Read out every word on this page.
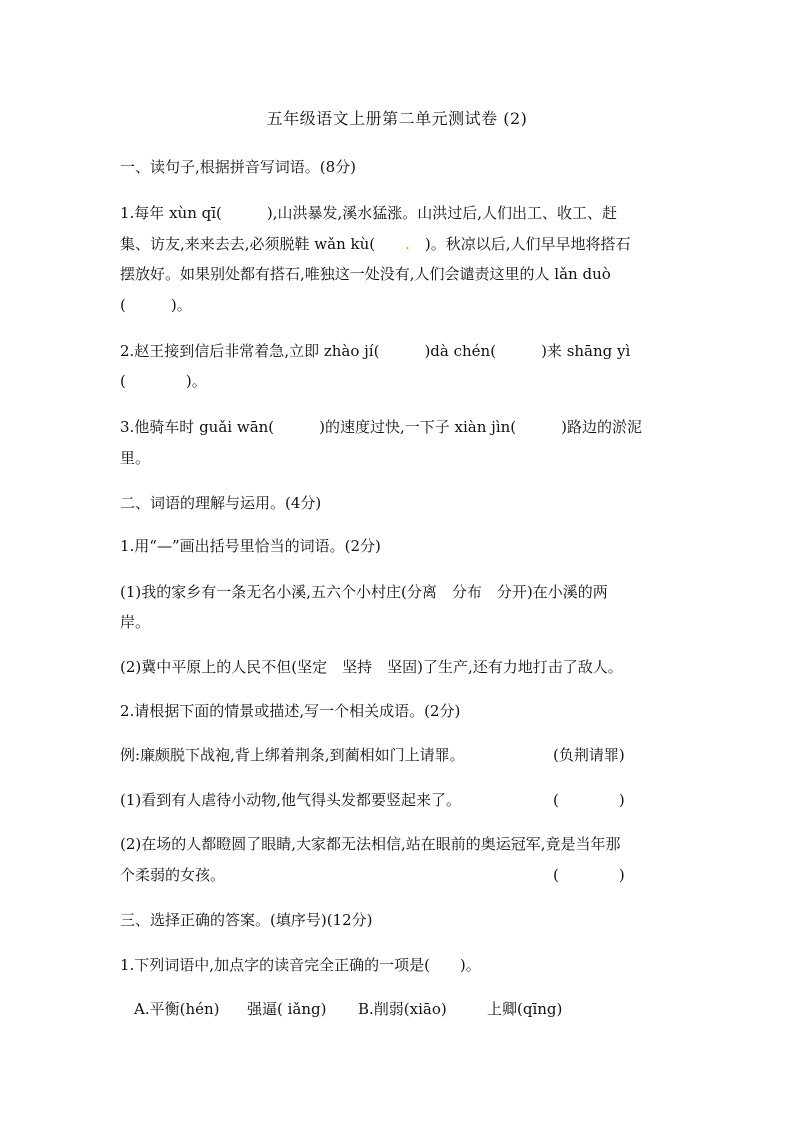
五年级语文上册第二单元测试卷 (2)
一、读句子,根据拼音写词语。(8分)
1.每年 xùn qī(　　　),山洪暴发,溪水猛涨。山洪过后,人们出工、收工、赶
集、访友,来来去去,必须脱鞋 wǎn kù(　　.　)。秋凉以后,人们早早地将搭石
摆放好。如果别处都有搭石,唯独这一处没有,人们会谴责这里的人 lǎn duò
(　　　)。
2.赵王接到信后非常着急,立即 zhào jí(　　　)dà chén(　　　)来 shāng yì
(　　　　)。
3.他骑车时 guǎi wān(　　　)的速度过快,一下子 xiàn jìn(　　　)路边的淤泥
里。
二、词语的理解与运用。(4分)
1.用“—”画出括号里恰当的词语。(2分)
(1)我的家乡有一条无名小溪,五六个小村庄(分离　分布　分开)在小溪的两
岸。
(2)冀中平原上的人民不但(坚定　坚持　坚固)了生产,还有力地打击了敌人。
2.请根据下面的情景或描述,写一个相关成语。(2分)
例:廉颇脱下战袍,背上绑着荆条,到蔺相如门上请罪。	(负荆请罪)
(1)看到有人虐待小动物,他气得头发都要竖起来了。	(　　　　)
(2)在场的人都瞪圆了眼睛,大家都无法相信,站在眼前的奥运冠军,竟是当年那
个柔弱的女孩。	(　　　　)
三、选择正确的答案。(填序号)(12分)
1.下列词语中,加点字的读音完全正确的一项是(　　)。
A.平衡(hén) 强逼( iǎng) B.削弱(xiāo)	上卿(qīng)
